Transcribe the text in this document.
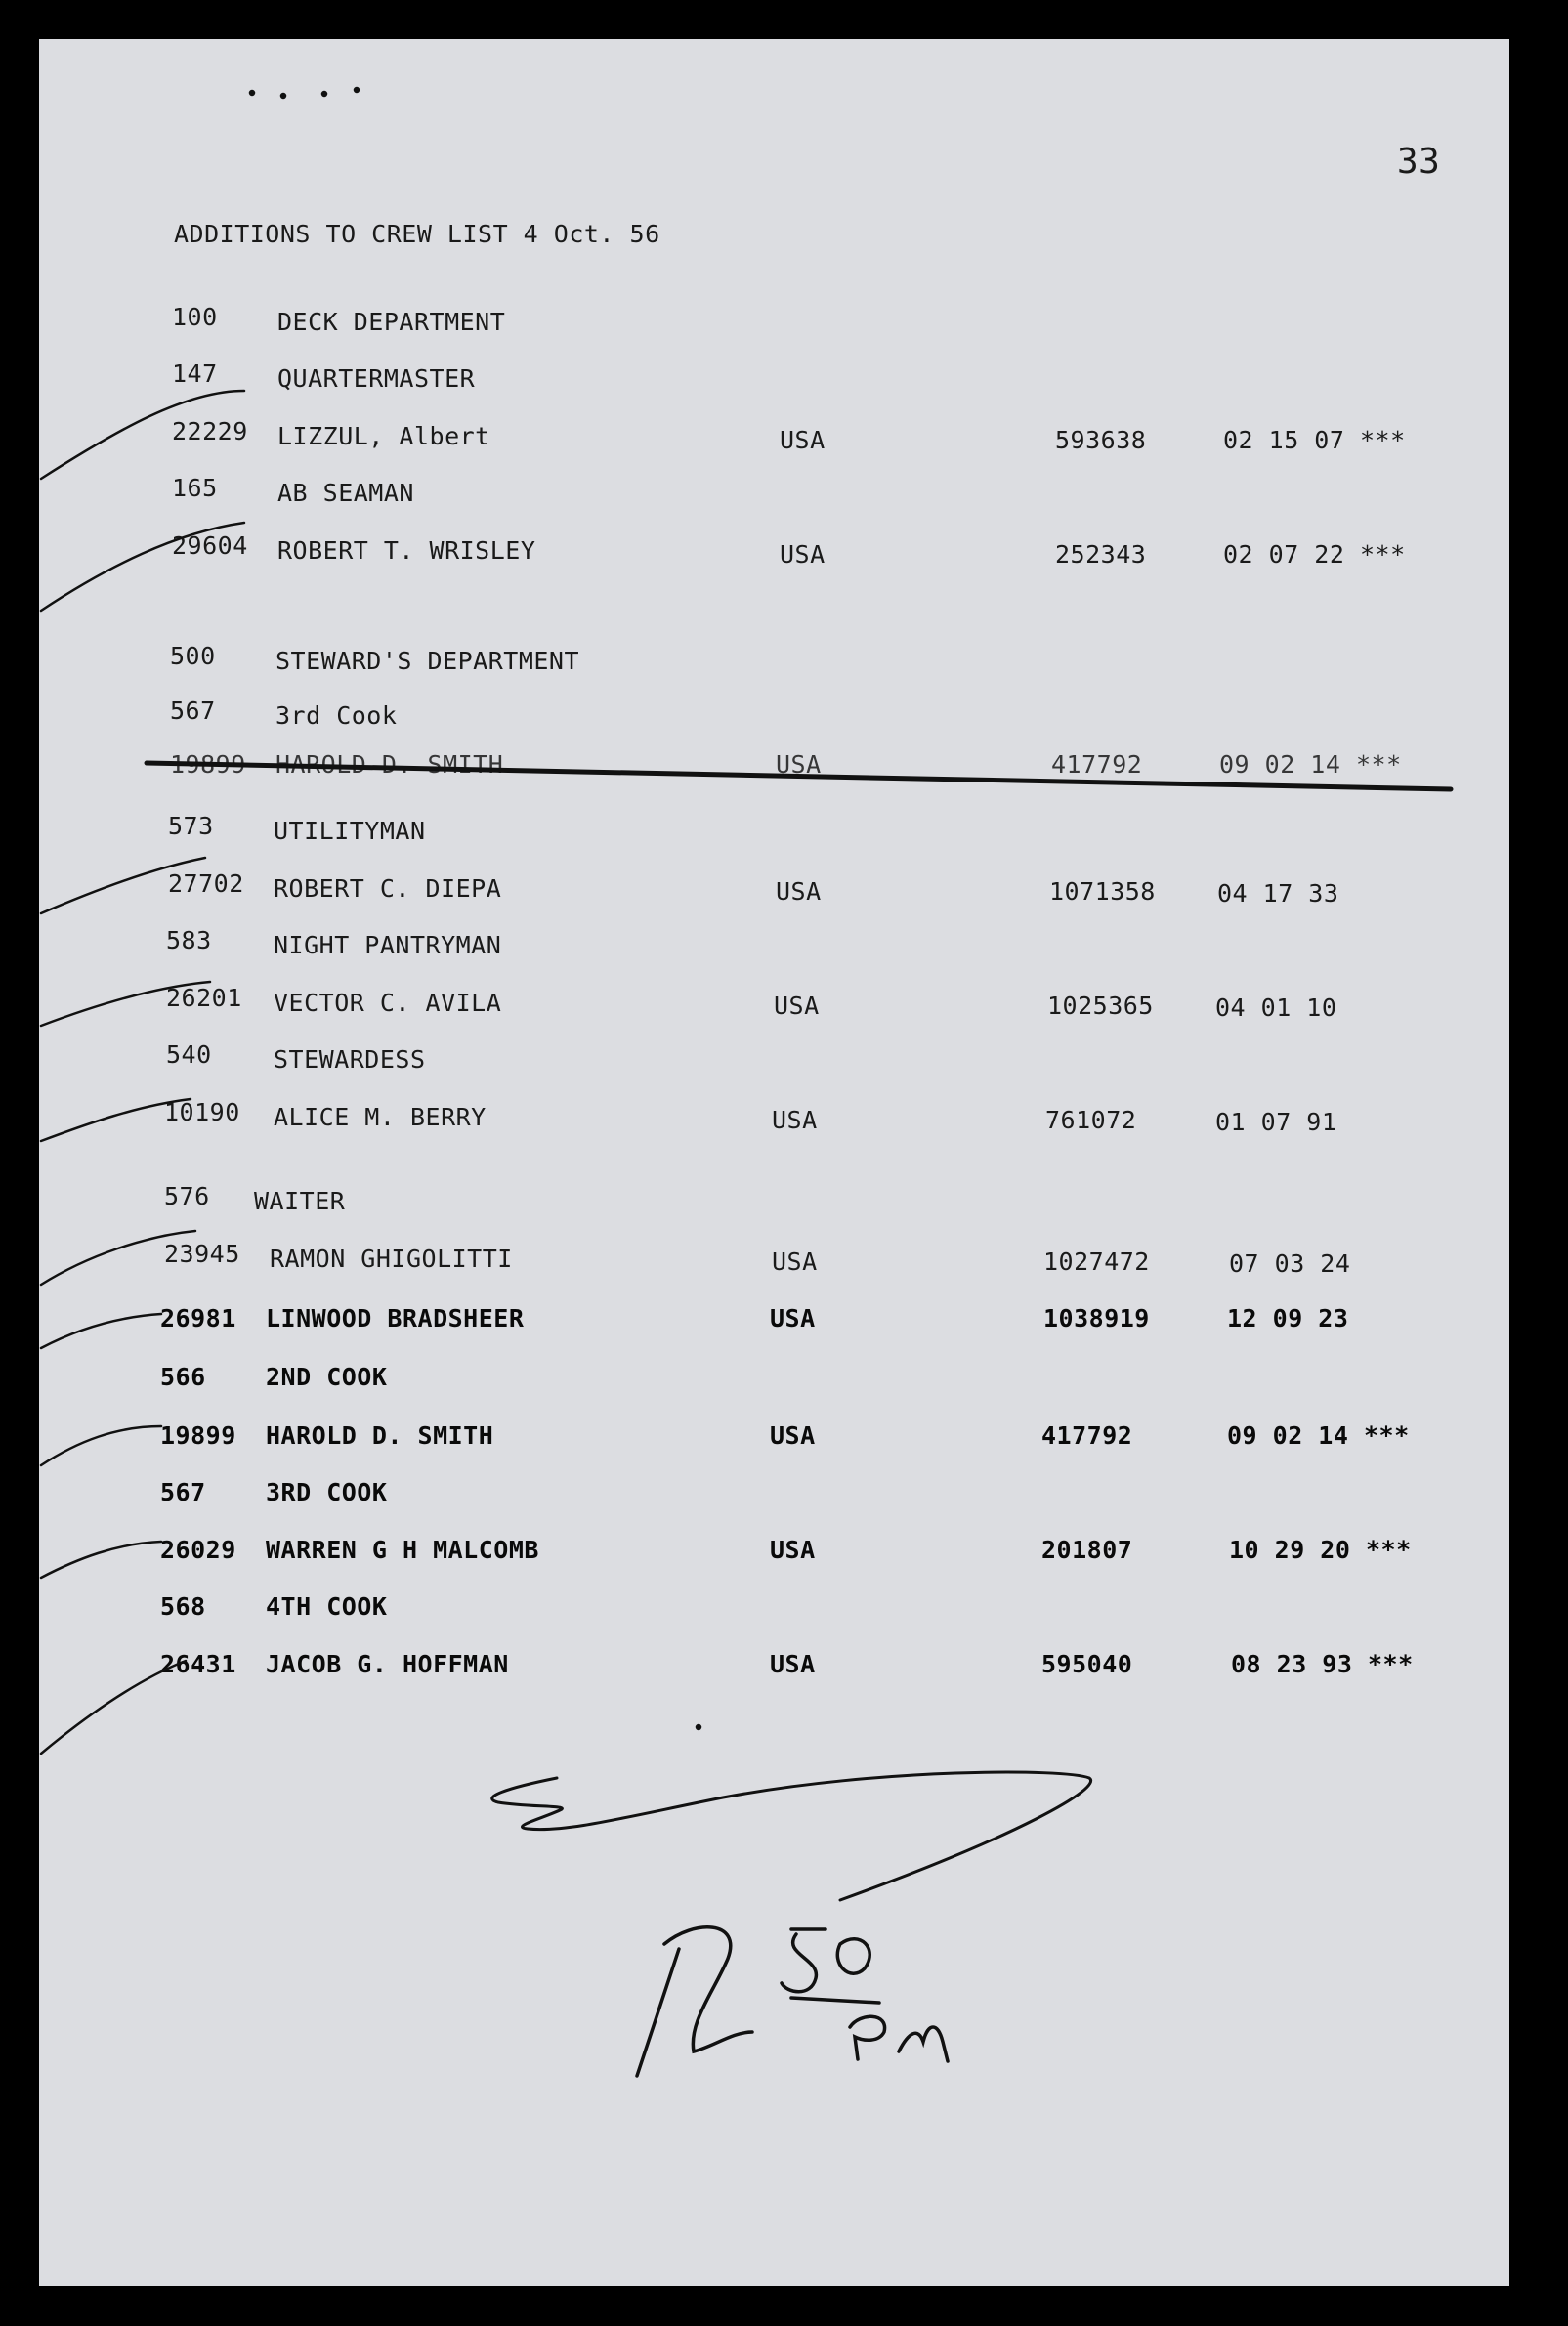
33
ADDITIONS TO CREW LIST 4 Oct. 56
100 DECK DEPARTMENT
147 QUARTERMASTER
22229 LIZZUL, Albert	USA	593638	02 15 07 ***
165 AB SEAMAN
29604 ROBERT T. WRISLEY	USA	252343	02 07 22 ***
500 STEWARD'S DEPARTMENT
567 3rd Cook
19899 HAROLD D. SMITH	USA	417792	09 02 14 ***
573 UTILITYMAN
27702 ROBERT C. DIEPA	USA	1071358	04 17 33
583	NIGHT PANTRYMAN
26201 VECTOR C. AVILA	USA	1025365	04 01 10
540	STEWARDESS
10190 ALICE M. BERRY	USA	761072	01 07 91
576 WAITER
23945 RAMON GHIGOLITTI	USA	1027472	07 03 24
26981 LINWOOD BRADSHEER	USA	1038919	12 09 23
566 2ND COOK
19899 HAROLD D. SMITH	USA	417792	09 02 14 ***
567 3RD COOK
26029 WARREN G H MALCOMB	USA	201807	10 29 20 ***
568 4TH COOK
26431 JACOB G. HOFFMAN	USA	595040	08 23 93 ***
